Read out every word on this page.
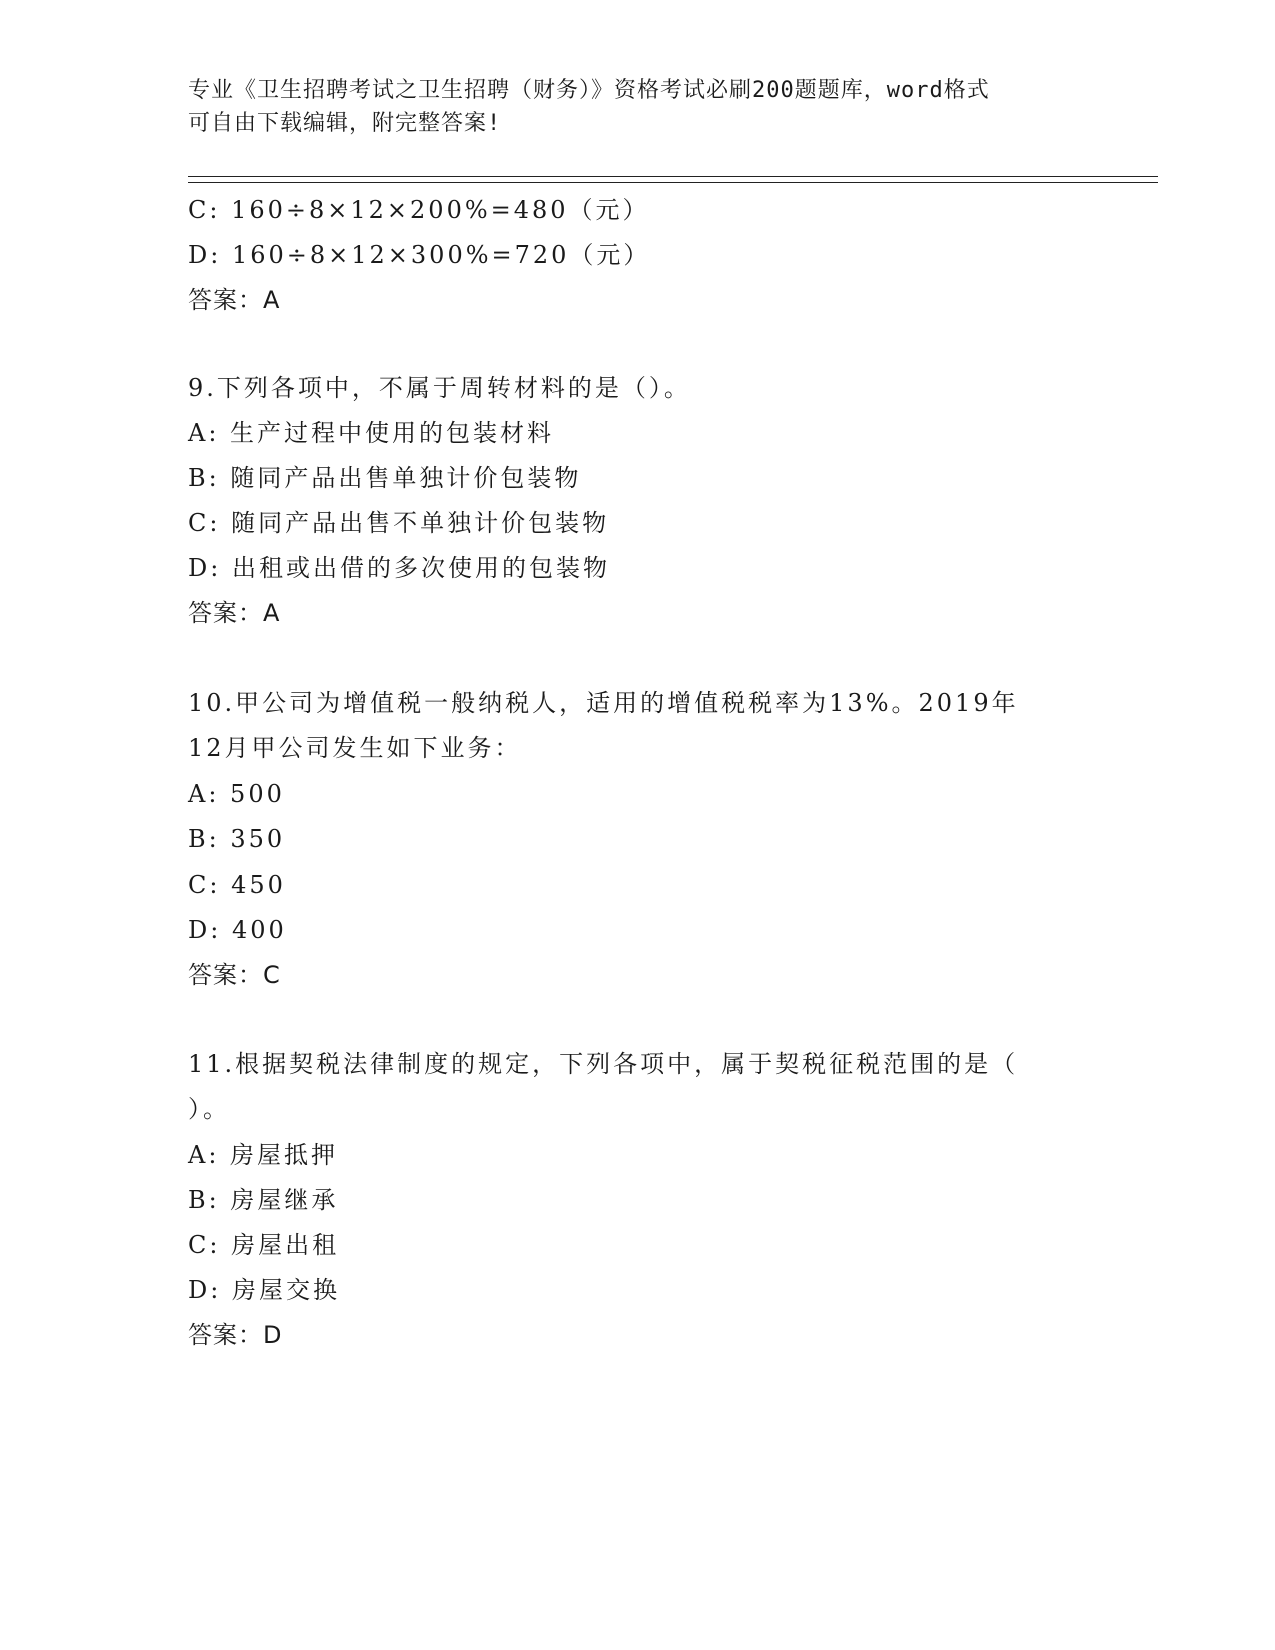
专业《卫生招聘考试之卫生招聘（财务）》资格考试必刷200题题库，word格式
可自由下载编辑，附完整答案!
C: 160÷8×12×200%=480（元）
D: 160÷8×12×300%=720（元）
答案：A
9.下列各项中，不属于周转材料的是（）。
A: 生产过程中使用的包装材料
B: 随同产品出售单独计价包装物
C: 随同产品出售不单独计价包装物
D: 出租或出借的多次使用的包装物
答案：A
10.甲公司为增值税一般纳税人，适用的增值税税率为13%。2019年
12月甲公司发生如下业务：
A: 500
B: 350
C: 450
D: 400
答案：C
11.根据契税法律制度的规定，下列各项中，属于契税征税范围的是（
）。
A: 房屋抵押
B: 房屋继承
C: 房屋出租
D: 房屋交换
答案：D
